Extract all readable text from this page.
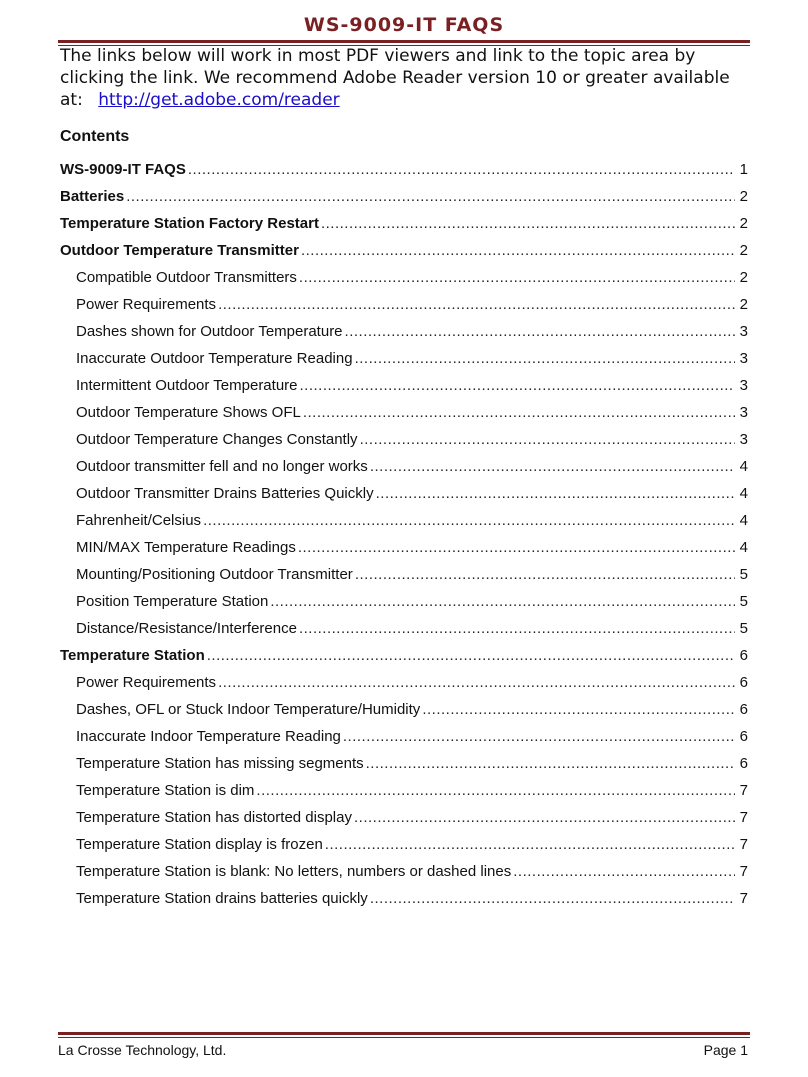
WS-9009-IT FAQS

The links below will work in most PDF viewers and link to the topic area by clicking the link. We recommend Adobe Reader version 10 or greater available at: http://get.adobe.com/reader

Contents
WS-9009-IT FAQS .....	1
Batteries .....	2
Temperature Station Factory Restart .....	2
Outdoor Temperature Transmitter .....	2
Compatible Outdoor Transmitters .....	2
Power Requirements .....	2
Dashes shown for Outdoor Temperature .....	3
Inaccurate Outdoor Temperature Reading .....	3
Intermittent Outdoor Temperature .....	3
Outdoor Temperature Shows OFL .....	3
Outdoor Temperature Changes Constantly .....	3
Outdoor transmitter fell and no longer works .....	4
Outdoor Transmitter Drains Batteries Quickly .....	4
Fahrenheit/Celsius .....	4
MIN/MAX Temperature Readings .....	4
Mounting/Positioning Outdoor Transmitter .....	5
Position Temperature Station .....	5
Distance/Resistance/Interference .....	5
Temperature Station .....	6
Power Requirements .....	6
Dashes, OFL or Stuck Indoor Temperature/Humidity .....	6
Inaccurate Indoor Temperature Reading .....	6
Temperature Station has missing segments .....	6
Temperature Station is dim .....	7
Temperature Station has distorted display .....	7
Temperature Station display is frozen .....	7
Temperature Station is blank: No letters, numbers or dashed lines .....	7
Temperature Station drains batteries quickly .....	7
La Crosse Technology, Ltd.	Page 1
